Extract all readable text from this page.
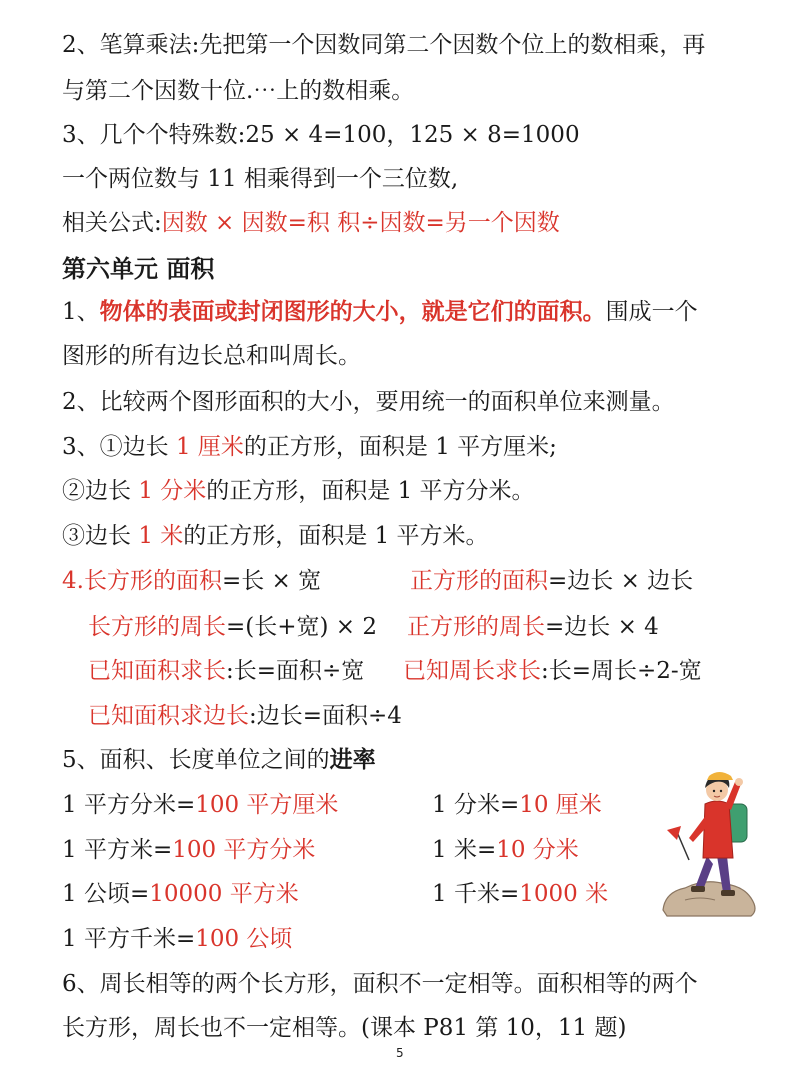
2、笔算乘法:先把第一个因数同第二个因数个位上的数相乘，再
与第二个因数十位.⋯上的数相乘。
3、几个个特殊数:25 × 4=100，125 × 8=1000
一个两位数与 11 相乘得到一个三位数,
相关公式:因数 × 因数=积 积÷因数=另一个因数
第六单元 面积
1、物体的表面或封闭图形的大小，就是它们的面积。围成一个
图形的所有边长总和叫周长。
2、比较两个图形面积的大小，要用统一的面积单位来测量。
3、①边长 1 厘米的正方形，面积是 1 平方厘米;
②边长 1 分米的正方形，面积是 1 平方分米。
③边长 1 米的正方形，面积是 1 平方米。
4.长方形的面积=长 × 宽	正方形的面积=边长 × 边长
长方形的周长=(长+宽) × 2 正方形的周长=边长 × 4
已知面积求长:长=面积÷宽 已知周长求长:长=周长÷2-宽
已知面积求边长:边长=面积÷4
5、面积、长度单位之间的进率
1 平方分米=100 平方厘米	1 分米=10 厘米
1 平方米=100 平方分米	1 米=10 分米
1 公顷=10000 平方米	1 千米=1000 米
1 平方千米=100 公顷
6、周长相等的两个长方形，面积不一定相等。面积相等的两个
长方形，周长也不一定相等。(课本 P81 第 10，11 题)
5
